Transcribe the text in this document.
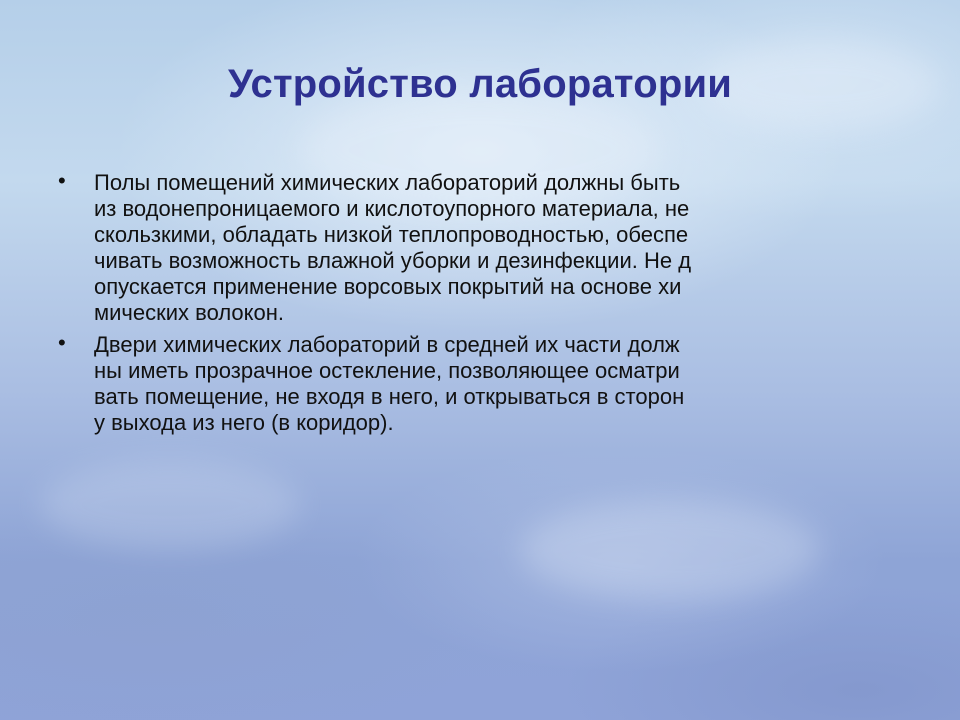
Устройство лаборатории
• Полы помещений химических лабораторий должны быть
из водонепроницаемого и кислотоупорного материала, не
скользкими, обладать низкой теплопроводностью, обеспе
чивать возможность влажной уборки и дезинфекции. Не д
опускается применение ворсовых покрытий на основе хи
мических волокон.
• Двери химических лабораторий в средней их части долж
ны иметь прозрачное остекление, позволяющее осматри
вать помещение, не входя в него, и открываться в сторон
у выхода из него (в коридор).
